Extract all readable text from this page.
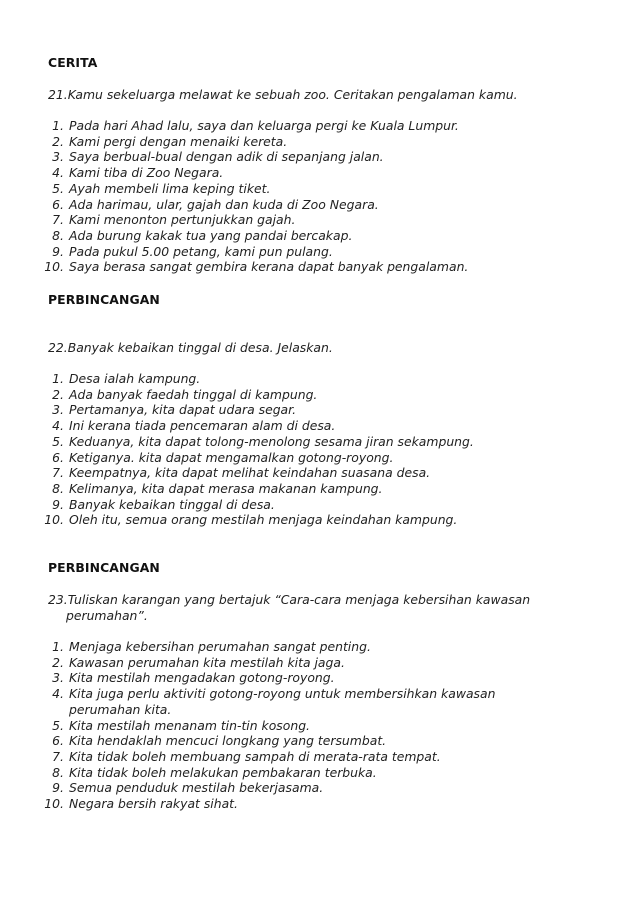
CERITA
21.Kamu sekeluarga melawat ke sebuah zoo. Ceritakan pengalaman kamu.
1. Pada hari Ahad lalu, saya dan keluarga pergi ke Kuala Lumpur.
2. Kami pergi dengan menaiki kereta.
3. Saya berbual-bual dengan adik di sepanjang jalan.
4. Kami tiba di Zoo Negara.
5. Ayah membeli lima keping tiket.
6. Ada harimau, ular, gajah dan kuda di Zoo Negara.
7. Kami menonton pertunjukkan gajah.
8. Ada burung kakak tua yang pandai bercakap.
9. Pada pukul 5.00 petang, kami pun pulang.
10. Saya berasa sangat gembira kerana dapat banyak pengalaman.
PERBINCANGAN
22.Banyak kebaikan tinggal di desa. Jelaskan.
1. Desa ialah kampung.
2. Ada banyak faedah tinggal di kampung.
3. Pertamanya, kita dapat udara segar.
4. Ini kerana tiada pencemaran alam di desa.
5. Keduanya, kita dapat tolong-menolong sesama jiran sekampung.
6. Ketiganya. kita dapat mengamalkan gotong-royong.
7. Keempatnya, kita dapat melihat keindahan suasana desa.
8. Kelimanya, kita dapat merasa makanan kampung.
9. Banyak kebaikan tinggal di desa.
10. Oleh itu, semua orang mestilah menjaga keindahan kampung.
PERBINCANGAN
23.Tuliskan karangan yang bertajuk “Cara-cara menjaga kebersihan kawasan perumahan”.
1. Menjaga kebersihan perumahan sangat penting.
2. Kawasan perumahan kita mestilah kita jaga.
3. Kita mestilah mengadakan gotong-royong.
4. Kita juga perlu aktiviti gotong-royong untuk membersihkan kawasan perumahan kita.
5. Kita mestilah menanam tin-tin kosong.
6. Kita hendaklah mencuci longkang yang tersumbat.
7. Kita tidak boleh membuang sampah di merata-rata tempat.
8. Kita tidak boleh melakukan pembakaran terbuka.
9. Semua penduduk mestilah bekerjasama.
10. Negara bersih rakyat sihat.
